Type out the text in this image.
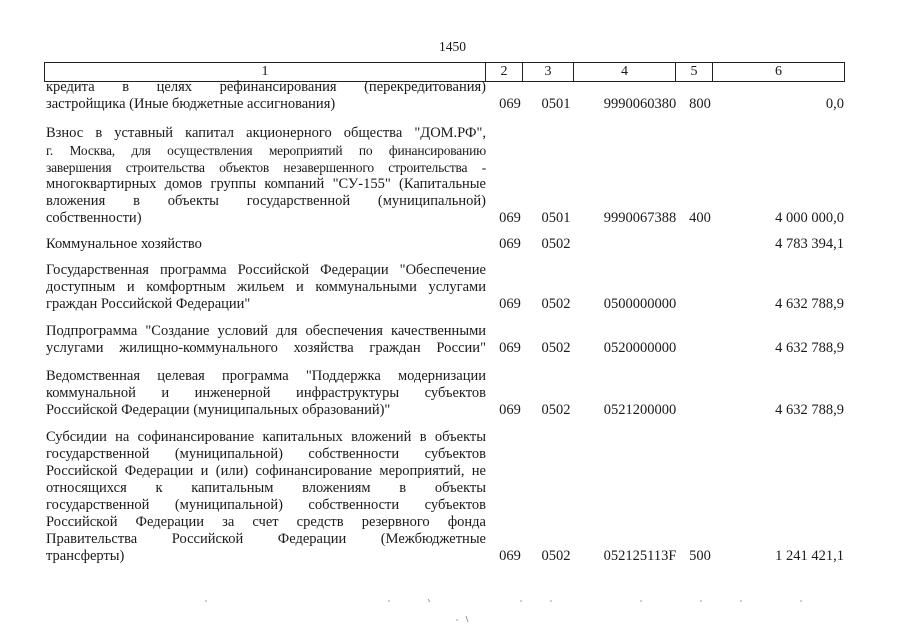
1450
1	2	3	4	5	6
кредита в целях рефинансирования (перекредитования)
застройщика (Иные бюджетные ассигнования)	069	0501	9990060380 800	0,0
Взнос в уставный капитал акционерного общества "ДОМ.РФ",
г. Москва, для осуществления мероприятий по финансированию
завершения строительства объектов незавершенного строительства -
многоквартирных домов группы компаний "СУ-155" (Капитальные
вложения в объекты государственной (муниципальной)
собственности)	069	0501	9990067388 400	4 000 000,0
Коммунальное хозяйство	069	0502	4 783 394,1
Государственная программа Российской Федерации "Обеспечение
доступным и комфортным жильем и коммунальными услугами
граждан Российской Федерации"	069	0502	0500000000	4 632 788,9
Подпрограмма "Создание условий для обеспечения качественными
услугами жилищно-коммунального хозяйства граждан России" 069	0502	0520000000	4 632 788,9
Ведомственная целевая программа "Поддержка модернизации
коммунальной и инженерной инфраструктуры субъектов
Российской Федерации (муниципальных образований)"	069	0502	0521200000	4 632 788,9
Субсидии на софинансирование капитальных вложений в объекты
государственной (муниципальной) собственности субъектов
Российской Федерации и (или) софинансирование мероприятий, не
относящихся к капитальным вложениям в объекты
государственной (муниципальной) собственности субъектов
Российской Федерации за счет средств резервного фонда
Правительства Российской Федерации (Межбюджетные
трансферты)	069	0502	052125113F 500	1 241 421,1
